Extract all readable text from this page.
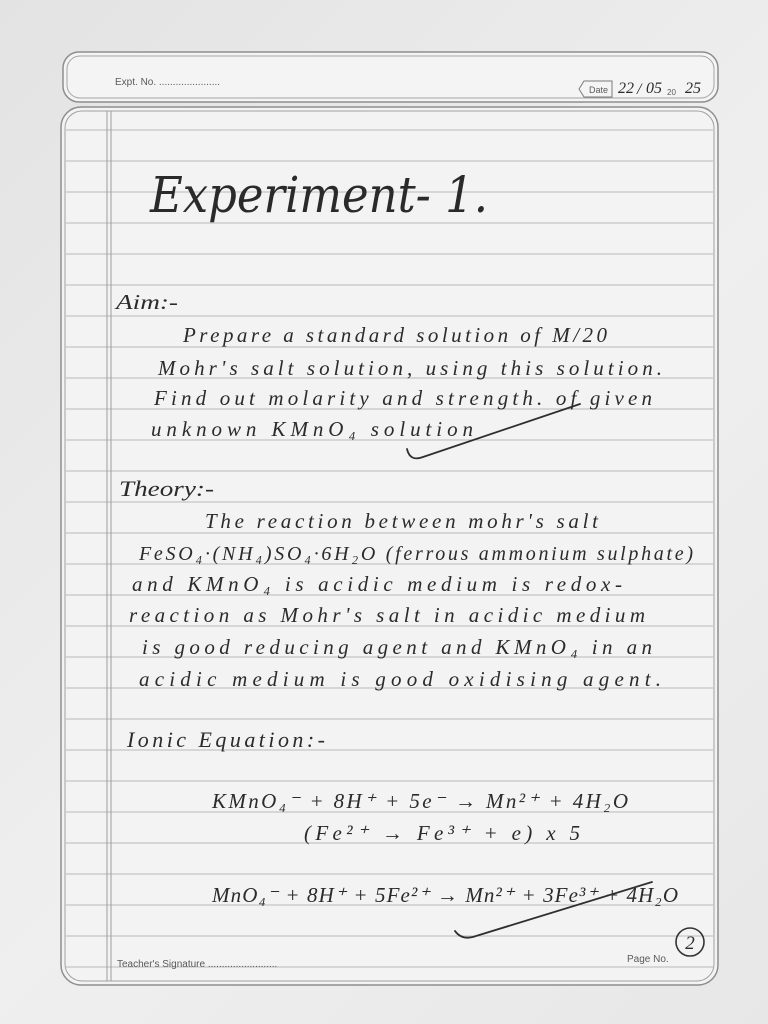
Expt. No. ......................
Date 22 / 05 20 25
Experiment- 1.
Aim:-
Prepare a standard solution of M/20
Mohr's salt solution, using this solution.
Find out molarity and strength. of given
unknown KMnO₄ solution
Theory:-
The reaction between mohr's salt
FeSO₄·(NH₄)SO₄·6H₂O (ferrous ammonium sulphate)
and KMnO₄ is acidic medium is redox-
reaction as Mohr's salt in acidic medium
is good reducing agent and KMnO₄ in an
acidic medium is good oxidising agent.
Ionic Equation:-
KMnO₄⁻ + 8H⁺ + 5e⁻ → Mn²⁺ + 4H₂O
(Fe²⁺ → Fe³⁺ + e) x 5
MnO₄⁻ + 8H⁺ + 5Fe²⁺ → Mn²⁺ + 3Fe³⁺ + 4H₂O
Teacher's Signature .........................	Page No.
2
